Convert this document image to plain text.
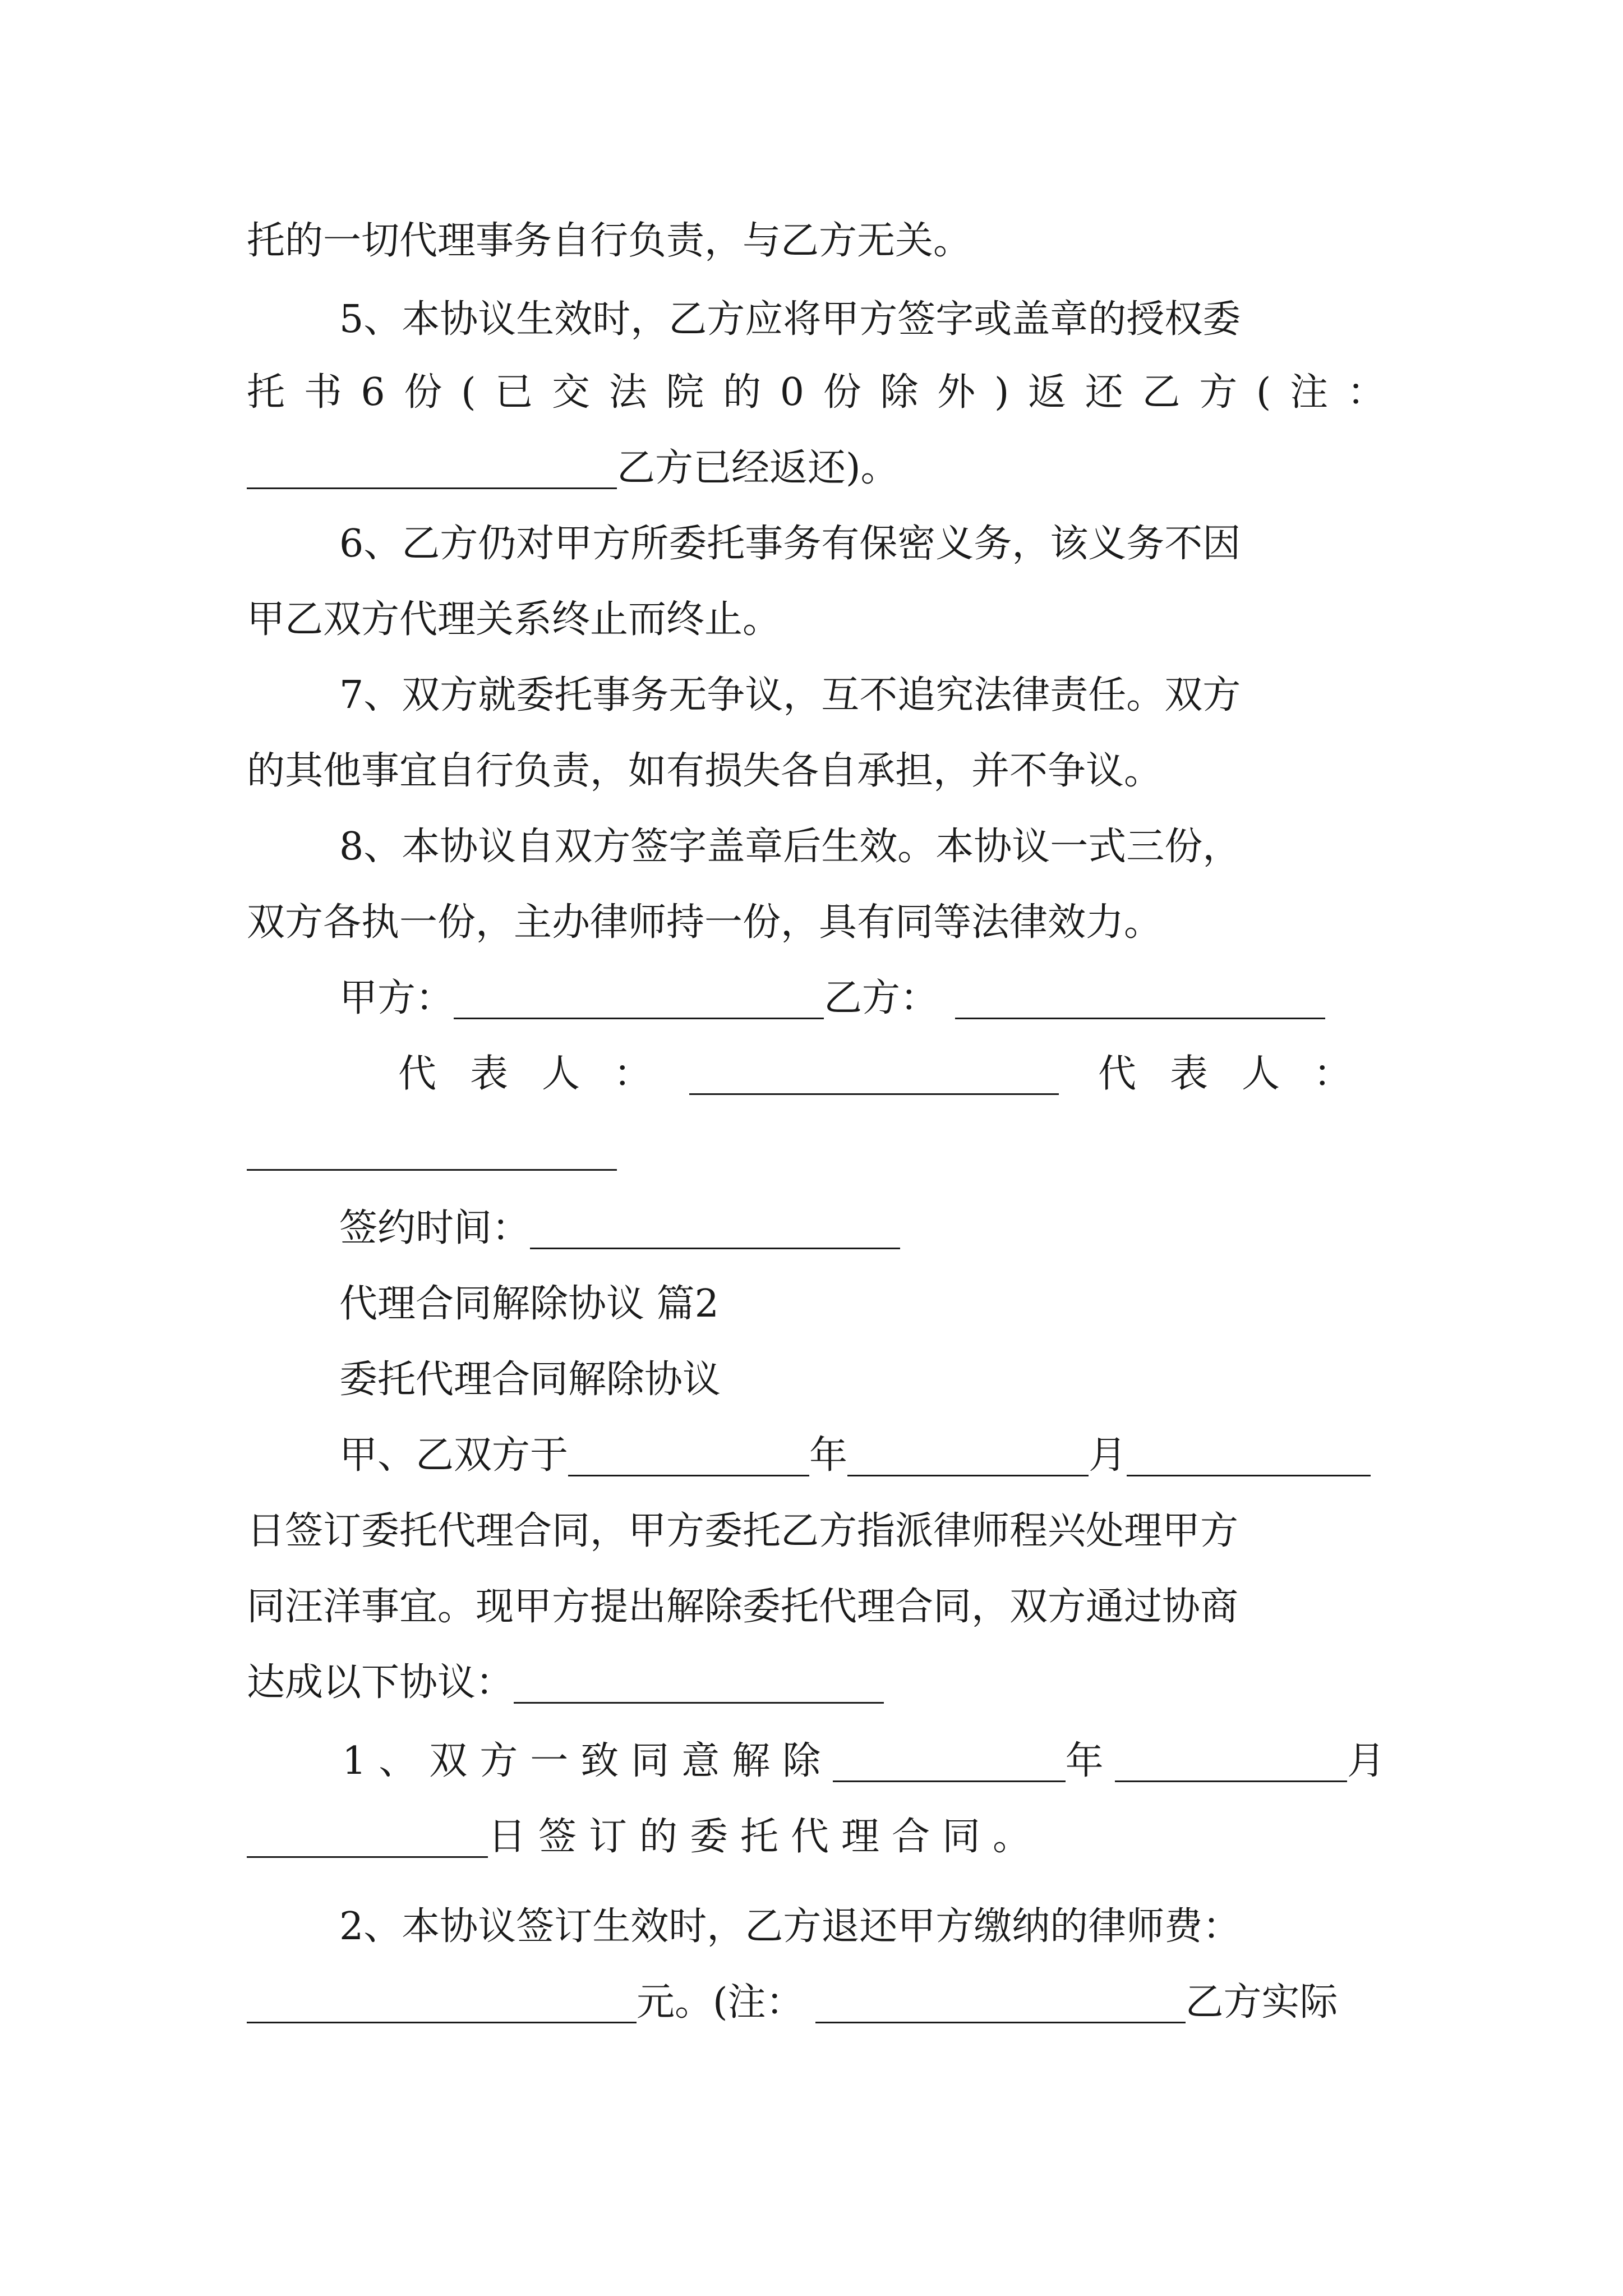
托的一切代理事务自行负责，与乙方无关。
5、本协议生效时，乙方应将甲方签字或盖章的授权委
托 书 6 份 ( 已 交 法 院 的 0 份 除 外 ) 返 还 乙 方 ( 注 ：
乙方已经返还)。
6、乙方仍对甲方所委托事务有保密义务，该义务不因
甲乙双方代理关系终止而终止。
7、双方就委托事务无争议，互不追究法律责任。双方
的其他事宜自行负责，如有损失各自承担，并不争议。
8、本协议自双方签字盖章后生效。本协议一式三份，
双方各执一份，主办律师持一份，具有同等法律效力。
甲方：	乙方：
代表人：	代表人：
签约时间：
代理合同解除协议 篇2
委托代理合同解除协议
甲、乙双方于	年	月
日签订委托代理合同，甲方委托乙方指派律师程兴处理甲方
同汪洋事宜。现甲方提出解除委托代理合同，双方通过协商
达成以下协议：
1、双方一致同意解除	年	月
日签订的委托代理合同。
2、本协议签订生效时，乙方退还甲方缴纳的律师费：
元。(注：	乙方实际
